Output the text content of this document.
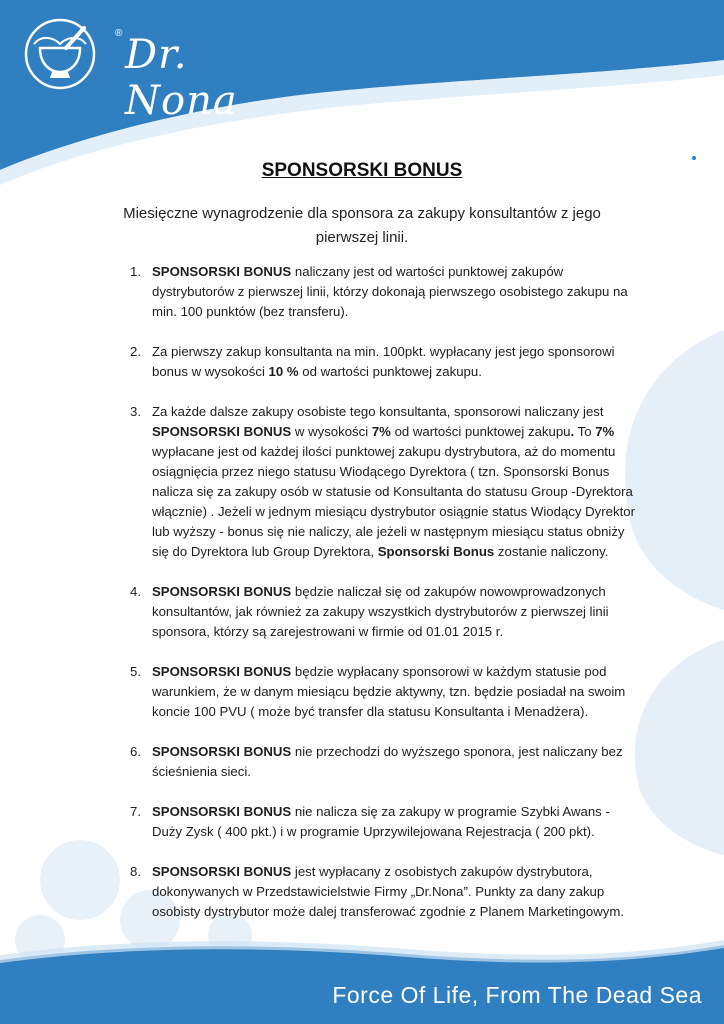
® Dr. Nona
SPONSORSKI BONUS
Miesięczne wynagrodzenie dla sponsora za zakupy konsultantów z jego pierwszej linii.
1. SPONSORSKI BONUS naliczany jest od wartości punktowej zakupów dystrybutorów z pierwszej linii, którzy dokonają pierwszego osobistego zakupu na min. 100 punktów (bez transferu).
2. Za pierwszy zakup konsultanta na min. 100pkt. wypłacany jest jego sponsorowi bonus w wysokości 10 % od wartości punktowej zakupu.
3. Za każde dalsze zakupy osobiste tego konsultanta, sponsorowi naliczany jest SPONSORSKI BONUS w wysokości 7% od wartości punktowej zakupu. To 7% wypłacane jest od każdej ilości punktowej zakupu dystrybutora, aż do momentu osiągnięcia przez niego statusu Wiodącego Dyrektora ( tzn. Sponsorski Bonus nalicza się za zakupy osób w statusie od Konsultanta do statusu Group -Dyrektora włącznie) . Jeżeli w jednym miesiącu dystrybutor osiągnie status Wiodący Dyrektor lub wyższy - bonus się nie naliczy, ale jeżeli w następnym miesiącu status obniży się do Dyrektora lub Group Dyrektora, Sponsorski Bonus zostanie naliczony.
4. SPONSORSKI BONUS będzie naliczał się od zakupów nowowprowadzonych konsultantów, jak również za zakupy wszystkich dystrybutorów z pierwszej linii sponsora, którzy są zarejestrowani w firmie od 01.01 2015 r.
5. SPONSORSKI BONUS będzie wypłacany sponsorowi w każdym statusie pod warunkiem, że w danym miesiącu będzie aktywny, tzn. będzie posiadał na swoim koncie 100 PVU ( może być transfer dla statusu Konsultanta i Menadżera).
6. SPONSORSKI BONUS nie przechodzi do wyższego sponora, jest naliczany bez ścieśnienia sieci.
7. SPONSORSKI BONUS nie nalicza się za zakupy w programie Szybki Awans - Duży Zysk ( 400 pkt.) i w programie Uprzywilejowana Rejestracja ( 200 pkt).
8. SPONSORSKI BONUS jest wypłacany z osobistych zakupów dystrybutora, dokonywanych w Przedstawicielstwie Firmy „Dr.Nona”. Punkty za dany zakup osobisty dystrybutor może dalej transferować zgodnie z Planem Marketingowym.
Force Of Life, From The Dead Sea
